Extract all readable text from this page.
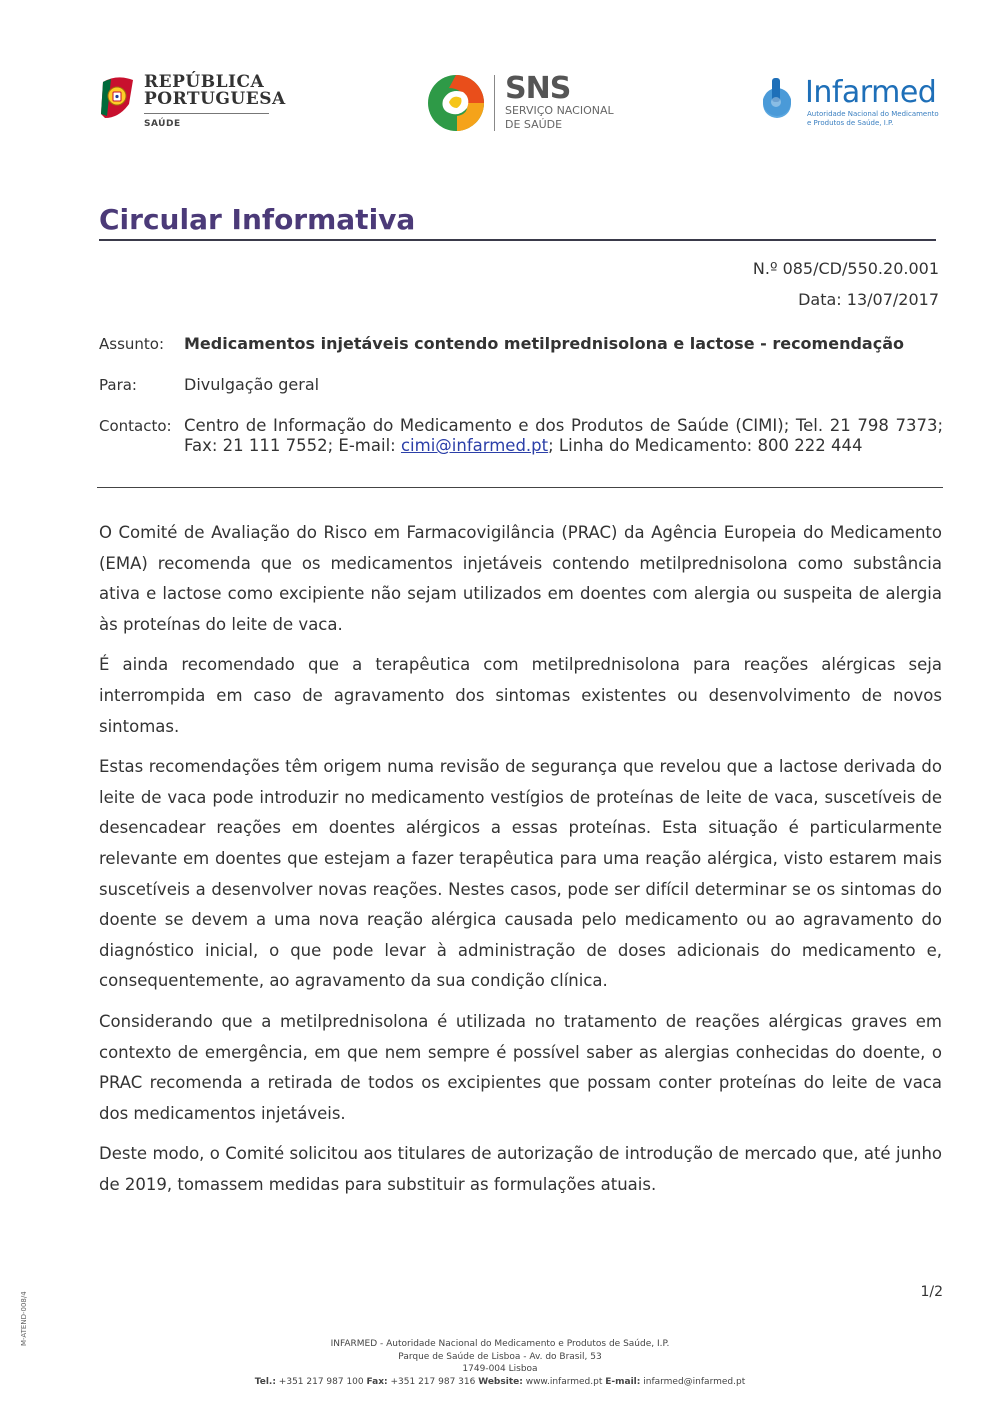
REPÚBLICA
PORTUGUESA
SAÚDE
SNS
SERVIÇO NACIONAL
DE SAÚDE
Infarmed
Autoridade Nacional do Medicamento
e Produtos de Saúde, I.P.
Circular Informativa
N.º 085/CD/550.20.001
Data: 13/07/2017
Assunto: Medicamentos injetáveis contendo metilprednisolona e lactose - recomendação
Para:	Divulgação geral
Contacto: Centro de Informação do Medicamento e dos Produtos de Saúde (CIMI); Tel. 21 798 7373; Fax: 21 111 7552; E-mail: cimi@infarmed.pt; Linha do Medicamento: 800 222 444

O Comité de Avaliação do Risco em Farmacovigilância (PRAC) da Agência Europeia do Medicamento (EMA) recomenda que os medicamentos injetáveis contendo metilprednisolona como substância ativa e lactose como excipiente não sejam utilizados em doentes com alergia ou suspeita de alergia às proteínas do leite de vaca.

É ainda recomendado que a terapêutica com metilprednisolona para reações alérgicas seja interrompida em caso de agravamento dos sintomas existentes ou desenvolvimento de novos sintomas.

Estas recomendações têm origem numa revisão de segurança que revelou que a lactose derivada do leite de vaca pode introduzir no medicamento vestígios de proteínas de leite de vaca, suscetíveis de desencadear reações em doentes alérgicos a essas proteínas. Esta situação é particularmente relevante em doentes que estejam a fazer terapêutica para uma reação alérgica, visto estarem mais suscetíveis a desenvolver novas reações. Nestes casos, pode ser difícil determinar se os sintomas do doente se devem a uma nova reação alérgica causada pelo medicamento ou ao agravamento do diagnóstico inicial, o que pode levar à administração de doses adicionais do medicamento e, consequentemente, ao agravamento da sua condição clínica.

Considerando que a metilprednisolona é utilizada no tratamento de reações alérgicas graves em contexto de emergência, em que nem sempre é possível saber as alergias conhecidas do doente, o PRAC recomenda a retirada de todos os excipientes que possam conter proteínas do leite de vaca dos medicamentos injetáveis.

Deste modo, o Comité solicitou aos titulares de autorização de introdução de mercado que, até junho de 2019, tomassem medidas para substituir as formulações atuais.

1/2
M-ATEND-008/4	INFARMED - Autoridade Nacional do Medicamento e Produtos de Saúde, I.P.
Parque de Saúde de Lisboa - Av. do Brasil, 53
1749-004 Lisboa
Tel.: +351 217 987 100 Fax: +351 217 987 316 Website: www.infarmed.pt E-mail: infarmed@infarmed.pt
